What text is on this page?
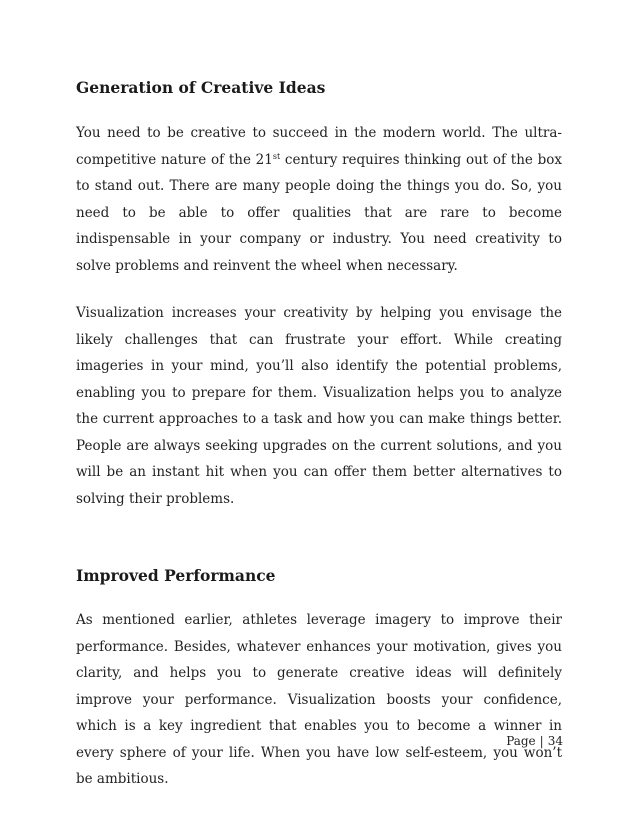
Generation of Creative Ideas

You need to be creative to succeed in the modern world. The ultra-competitive nature of the 21st century requires thinking out of the box to stand out. There are many people doing the things you do. So, you need to be able to offer qualities that are rare to become indispensable in your company or industry. You need creativity to solve problems and reinvent the wheel when necessary.

Visualization increases your creativity by helping you envisage the likely challenges that can frustrate your effort. While creating imageries in your mind, you’ll also identify the potential problems, enabling you to prepare for them. Visualization helps you to analyze the current approaches to a task and how you can make things better. People are always seeking upgrades on the current solutions, and you will be an instant hit when you can offer them better alternatives to solving their problems.

Improved Performance

As mentioned earlier, athletes leverage imagery to improve their performance. Besides, whatever enhances your motivation, gives you clarity, and helps you to generate creative ideas will definitely improve your performance. Visualization boosts your confidence, which is a key ingredient that enables you to become a winner in every sphere of your life. When you have low self-esteem, you won’t be ambitious.

Page | 34
